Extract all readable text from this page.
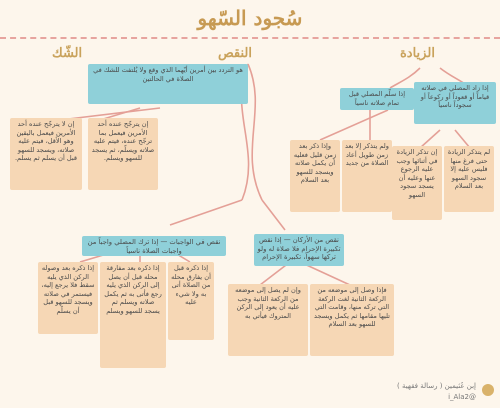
سُجود السّهو
الشّك	النقص	الزيادة
هو التردد بين أمرين أيّهما الذي وقع ولا يُلتفت للشك في الصلاة في الحالتين
إن لا يترجّح عنده أحد الأمرين فيعمل باليقين وهو الأقل، فيتم عليه صلاته، ويسجد للسهو قبل أن يسلم ثم يسلم.
إن يترجّح عنده أحد الأمرين فيعمل بما ترجّح عنده، فيتم عليه صلاته ويسلّم، ثم يسجد للسهو ويسلم.
إذا سلّم المصلي قبل تمام صلاته ناسياً
إذا زاد المصلي في صلاته قياماً أو قعوداً أو ركوعاً أو سجوداً ناسياً
وإذا ذكر بعد زمن قليل فعليه أن يكمل صلاته ويسجد للسهو بعد السلام
ولم يتذكر إلا بعد زمن طويل أعاد الصلاة من جديد
إن تذكر الزيادة في أثنائها وجب عليه الرجوع عنها وعليه أن يسجد سجود السهو
لم يتذكر الزيادة حتى فرغ منها فليس عليه إلا سجود السهو بعد السلام
نقص في الواجبات — إذا ترك المصلي واجباً من واجبات الصلاة ناسياً
نقص من الأركان — إذا نقص تكبيرة الإحرام فلا صلاة له ولو تركها سهواً، تكبيرة الإحرام
إذا ذكره بعد وصوله الركن الذي يليه سقط فلا يرجع إليه، فيستمر في صلاته ويسجد للسهو قبل أن يسلّم
إذا ذكره بعد مفارقة محله قبل أن يصل إلى الركن الذي يليه رجع فأتى به ثم يكمل صلاته ويسلم ثم يسجد للسهو ويسلم
إذا ذكره قبل أن يفارق محله من الصلاة أتى به ولا شيء عليه
وإن لم يصل إلى موضعه من الركعة الثانية وجب عليه أن يعود إلى الركن المتروك فيأتي به
فإذا وصل إلى موضعه من الركعة الثانية لغت الركعة التي تركه منها، وقامت التي تليها مقامها ثم يكمل ويسجد للسهو بعد السلام
إبن عُثيمين ( رسالة فقهية )
@i_Ala2
